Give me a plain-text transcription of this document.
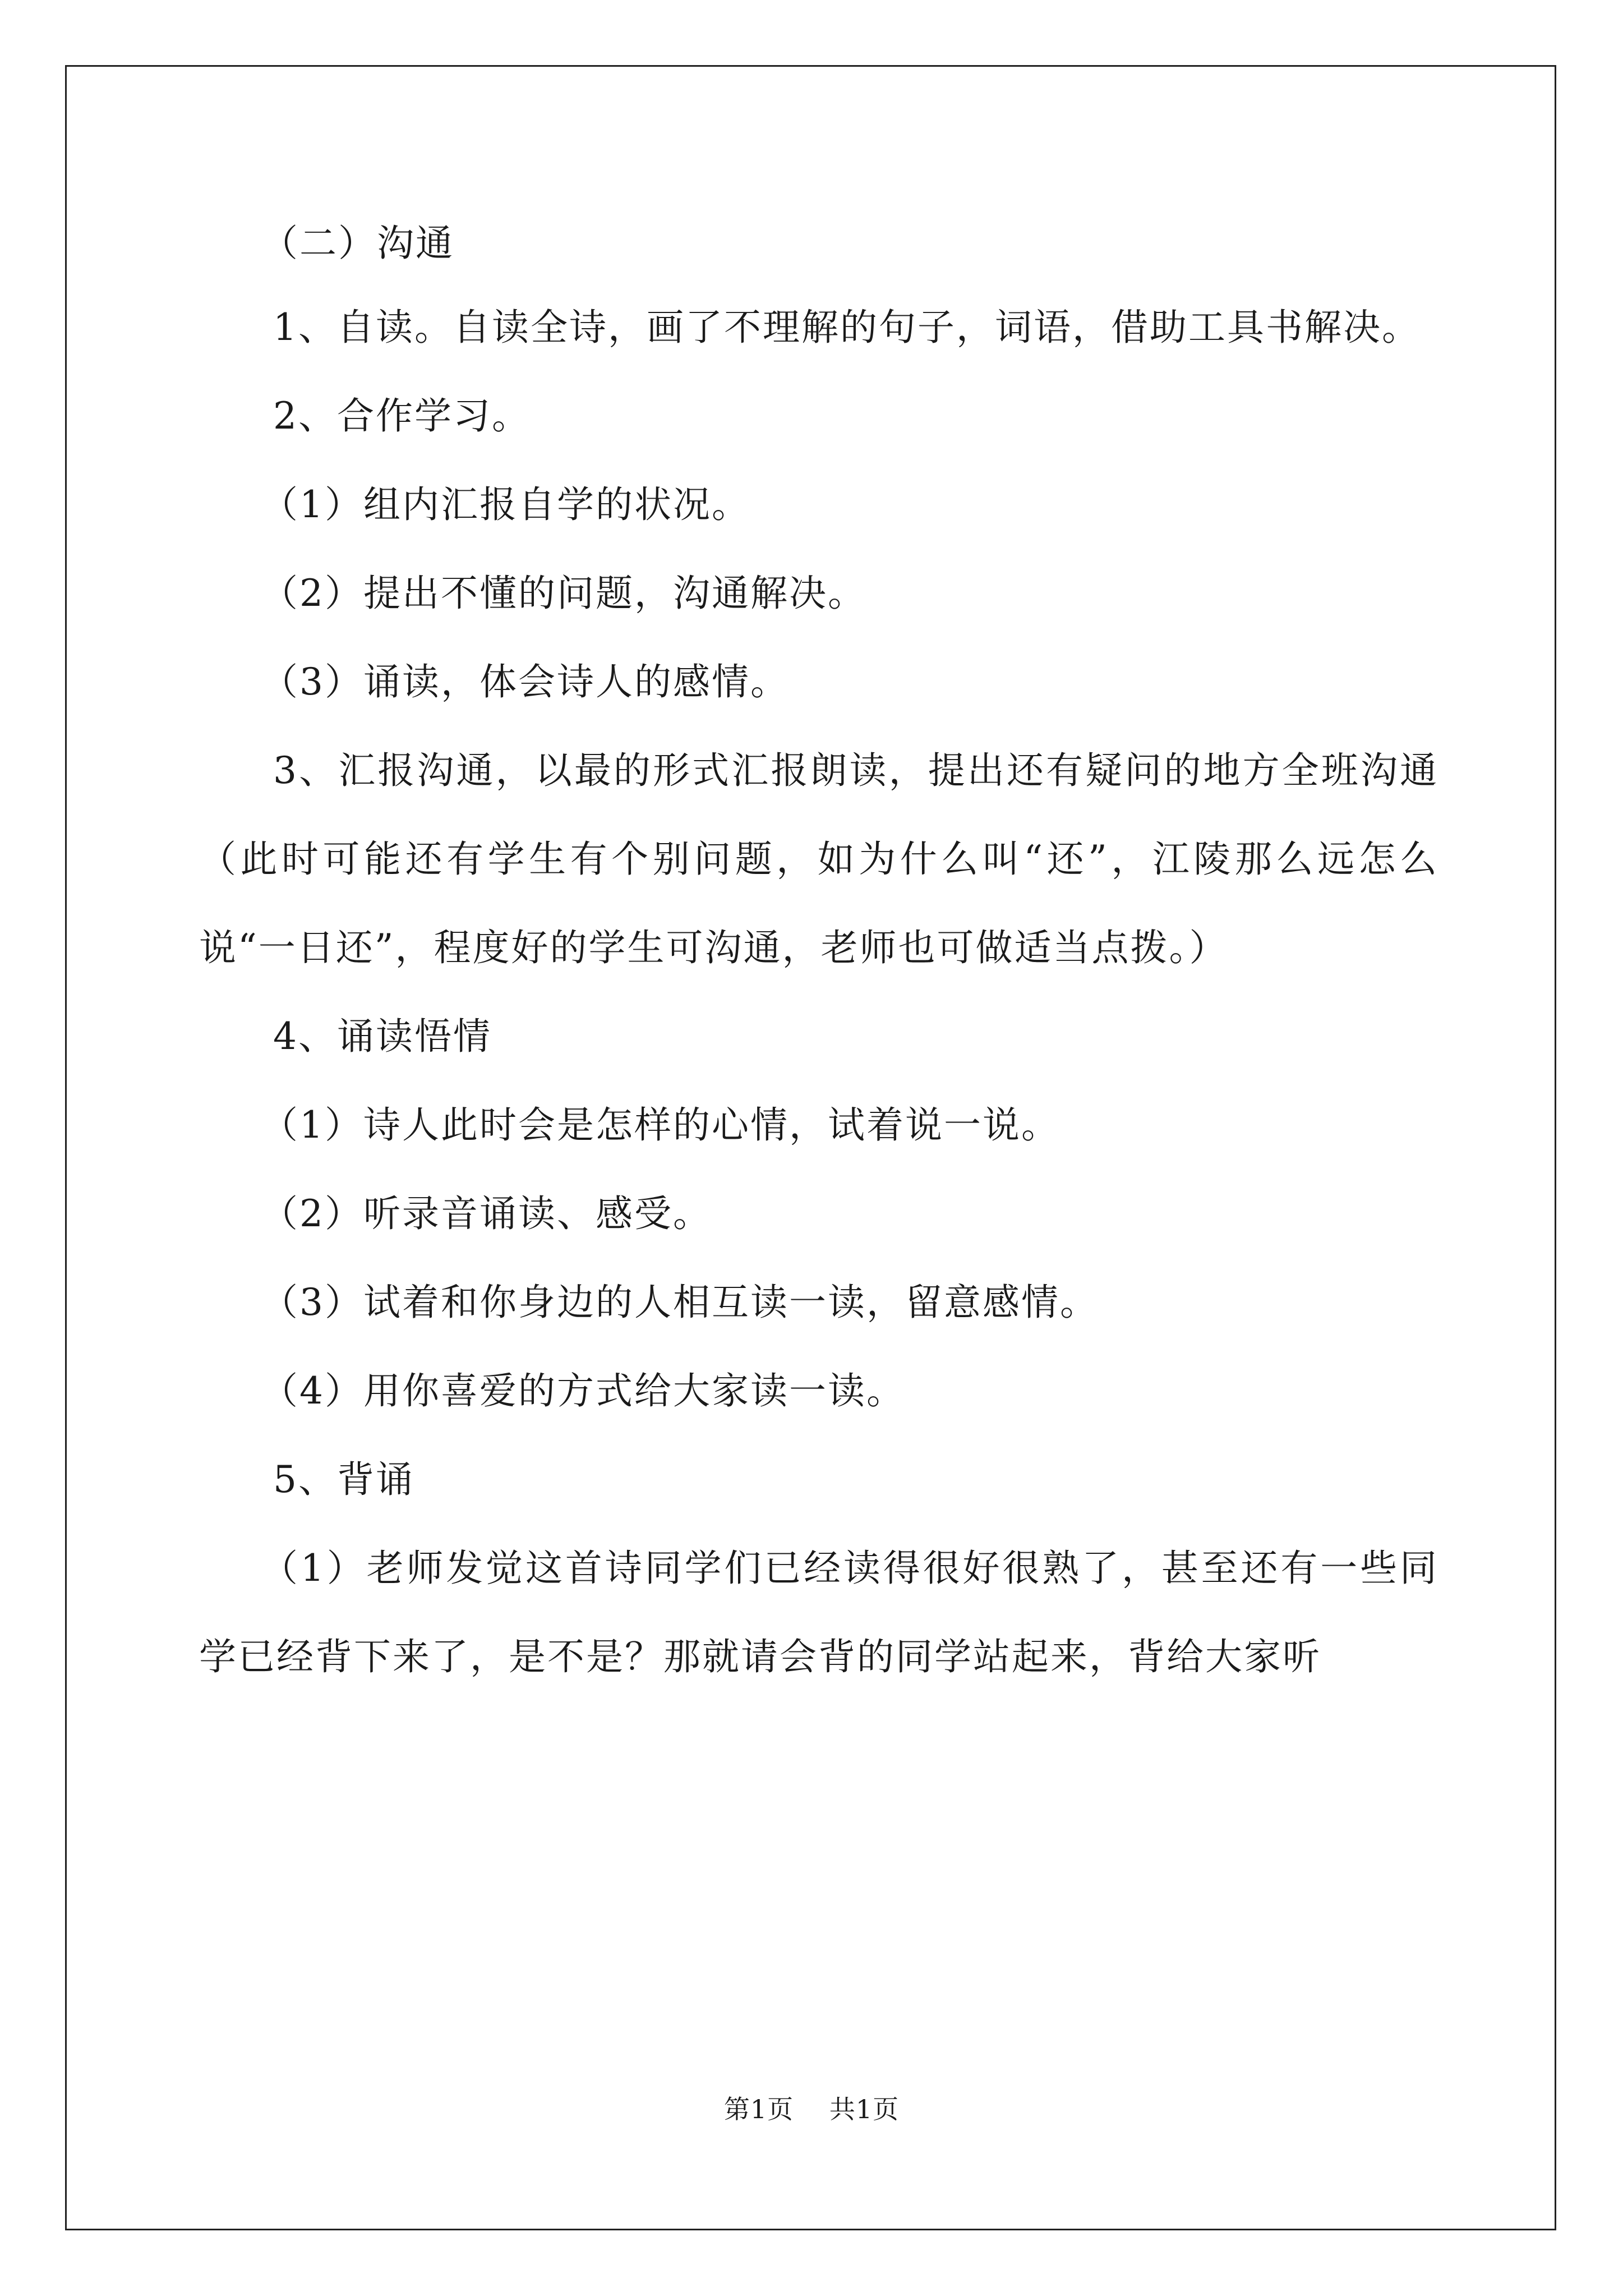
（二）沟通

1、自读。自读全诗，画了不理解的句子，词语，借助工具书解决。

2、合作学习。

（1）组内汇报自学的状况。

（2）提出不懂的问题，沟通解决。

（3）诵读，体会诗人的感情。

3、汇报沟通，以最的形式汇报朗读，提出还有疑问的地方全班沟通（此时可能还有学生有个别问题，如为什么叫“还”，江陵那么远怎么说“一日还”，程度好的学生可沟通，老师也可做适当点拨。）

4、诵读悟情

（1）诗人此时会是怎样的心情，试着说一说。

（2）听录音诵读、感受。

（3）试着和你身边的人相互读一读，留意感情。

（4）用你喜爱的方式给大家读一读。

5、背诵

（1）老师发觉这首诗同学们已经读得很好很熟了，甚至还有一些同学已经背下来了，是不是？那就请会背的同学站起来，背给大家听

第1页 共1页
